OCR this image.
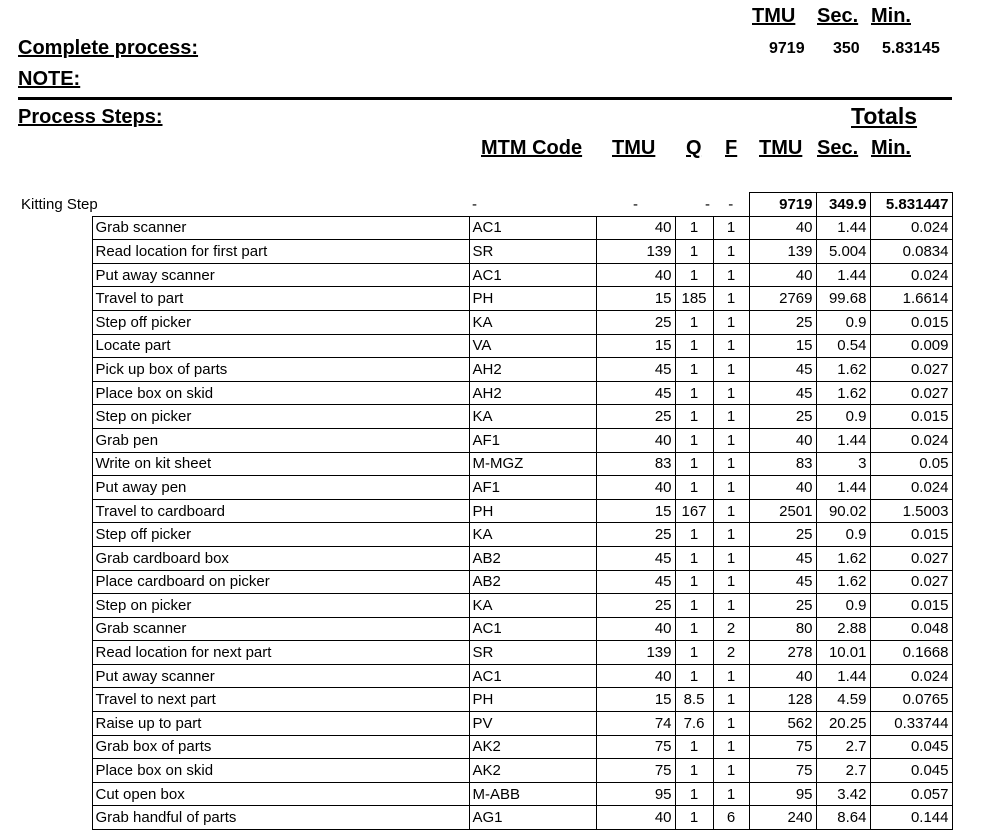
TMU Sec. Min.
9719 350 5.83145
Complete process:
NOTE:
Process Steps:	Totals
MTM Code TMU Q F TMU Sec. Min.
Kitting Step		-	-	-	-	9719	349.9	5.831447
	Grab scanner	AC1	40	1	1	40	1.44	0.024
	Read location for first part	SR	139	1	1	139	5.004	0.0834
	Put away scanner	AC1	40	1	1	40	1.44	0.024
	Travel to part	PH	15	185	1	2769	99.68	1.6614
	Step off picker	KA	25	1	1	25	0.9	0.015
	Locate part	VA	15	1	1	15	0.54	0.009
	Pick up box of parts	AH2	45	1	1	45	1.62	0.027
	Place box on skid	AH2	45	1	1	45	1.62	0.027
	Step on picker	KA	25	1	1	25	0.9	0.015
	Grab pen	AF1	40	1	1	40	1.44	0.024
	Write on kit sheet	M-MGZ	83	1	1	83	3	0.05
	Put away pen	AF1	40	1	1	40	1.44	0.024
	Travel to cardboard	PH	15	167	1	2501	90.02	1.5003
	Step off picker	KA	25	1	1	25	0.9	0.015
	Grab cardboard box	AB2	45	1	1	45	1.62	0.027
	Place cardboard on picker	AB2	45	1	1	45	1.62	0.027
	Step on picker	KA	25	1	1	25	0.9	0.015
	Grab scanner	AC1	40	1	2	80	2.88	0.048
	Read location for next part	SR	139	1	2	278	10.01	0.1668
	Put away scanner	AC1	40	1	1	40	1.44	0.024
	Travel to next part	PH	15	8.5	1	128	4.59	0.0765
	Raise up to part	PV	74	7.6	1	562	20.25	0.33744
	Grab box of parts	AK2	75	1	1	75	2.7	0.045
	Place box on skid	AK2	75	1	1	75	2.7	0.045
	Cut open box	M-ABB	95	1	1	95	3.42	0.057
	Grab handful of parts	AG1	40	1	6	240	8.64	0.144
